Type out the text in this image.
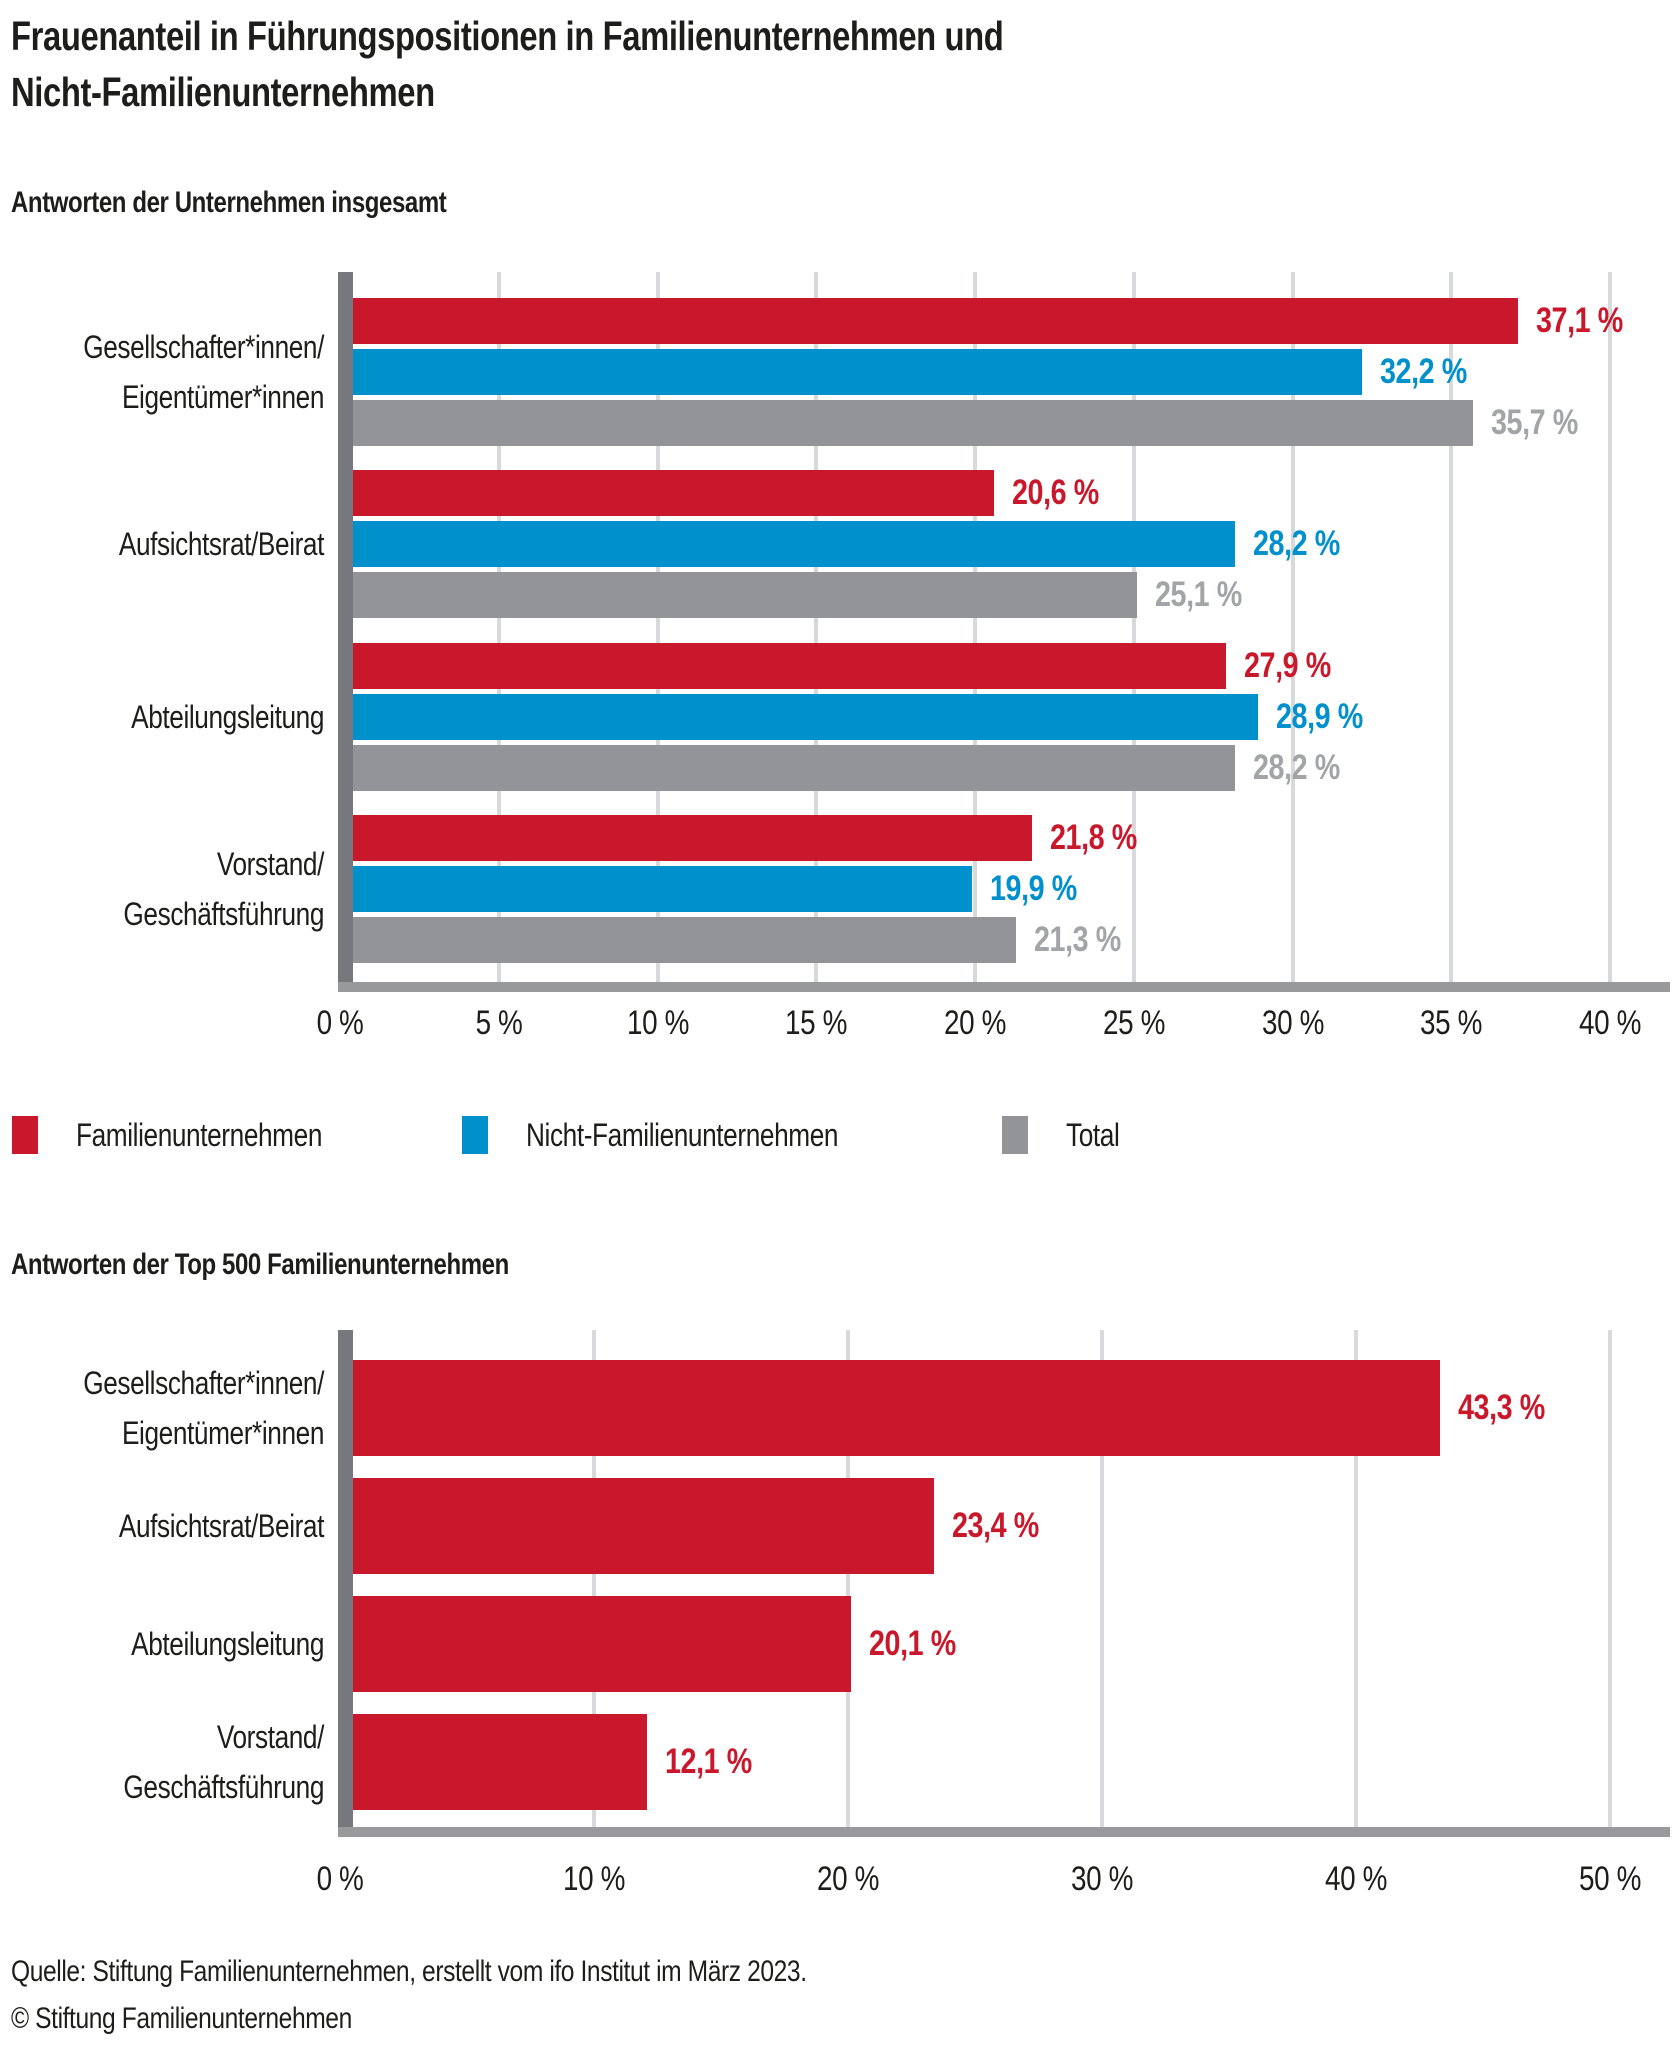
Frauenanteil in Führungspositionen in Familienunternehmen und
Nicht-Familienunternehmen
Antworten der Unternehmen insgesamt
37,1 %
32,2 %
35,7 %
20,6 %
28,2 %
25,1 %
27,9 %
28,9 %
28,2 %
21,8 %
19,9 %
21,3 %
Gesellschafter*innen/
Eigentümer*innen
Aufsichtsrat/Beirat
Abteilungsleitung
Vorstand/
Geschäftsführung
0 %	5 %	10 %	15 %	20 %	25 %	30 %	35 %	40 %
Familienunternehmen	Nicht-Familienunternehmen	Total
Antworten der Top 500 Familienunternehmen
43,3 %
23,4 %
20,1 %
12,1 %
Gesellschafter*innen/
Eigentümer*innen
Aufsichtsrat/Beirat
Abteilungsleitung
Vorstand/
Geschäftsführung
0 %	10 %	20 %	30 %	40 %	50 %
Quelle: Stiftung Familienunternehmen, erstellt vom ifo Institut im März 2023.
© Stiftung Familienunternehmen
